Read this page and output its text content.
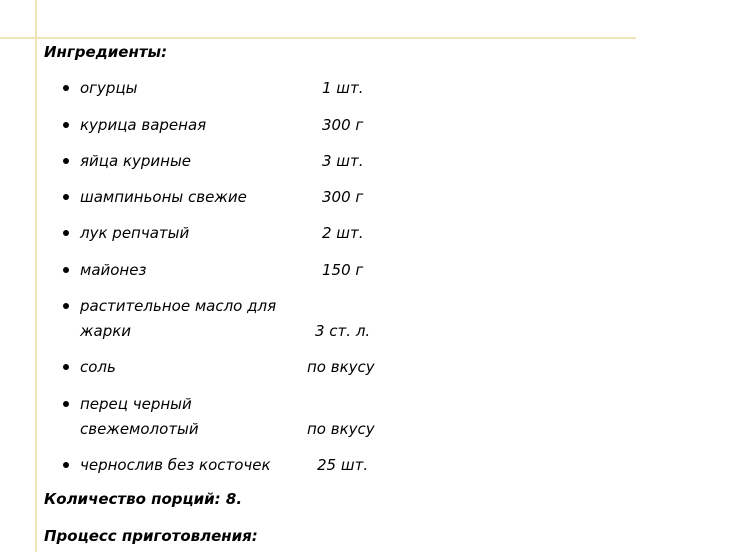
Ингредиенты:
огурцы	1 шт.
курица вареная	300 г
яйца куриные	3 шт.
шампиньоны свежие	300 г
лук репчатый	2 шт.
майонез	150 г
растительное масло для
жарки	3 ст. л.
соль	по вкусу
перец черный
свежемолотый	по вкусу
чернослив без косточек	25 шт.
Количество порций: 8.
Процесс приготовления:
